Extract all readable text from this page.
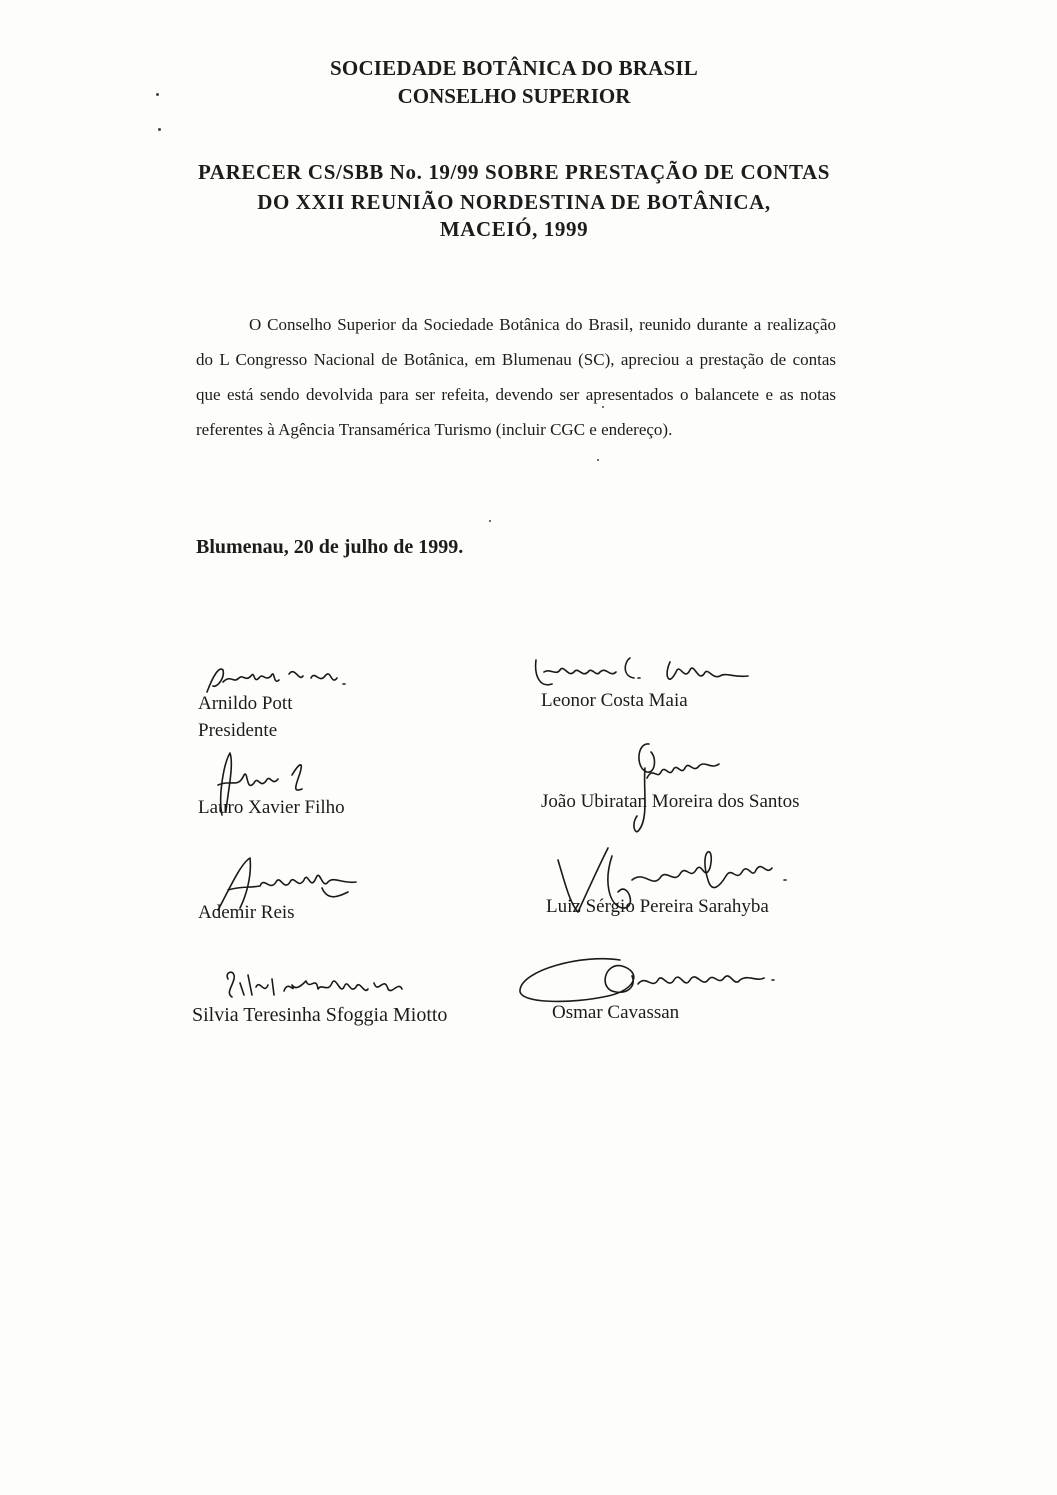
SOCIEDADE BOTÂNICA DO BRASIL
CONSELHO SUPERIOR
PARECER CS/SBB No. 19/99 SOBRE PRESTAÇÃO DE CONTAS
DO XXII REUNIÃO NORDESTINA DE BOTÂNICA,
MACEIÓ, 1999
O Conselho Superior da Sociedade Botânica do Brasil, reunido durante a realização do L Congresso Nacional de Botânica, em Blumenau (SC), apreciou a prestação de contas que está sendo devolvida para ser refeita, devendo ser apresentados o balancete e as notas referentes à Agência Transamérica Turismo (incluir CGC e endereço).
Blumenau, 20 de julho de 1999.
Arnildo Pott
Presidente
Lauro Xavier Filho
Ademir Reis
Silvia Teresinha Sfoggia Miotto
Leonor Costa Maia
João Ubiratan Moreira dos Santos
Luiz Sérgio Pereira Sarahyba
Osmar Cavassan
